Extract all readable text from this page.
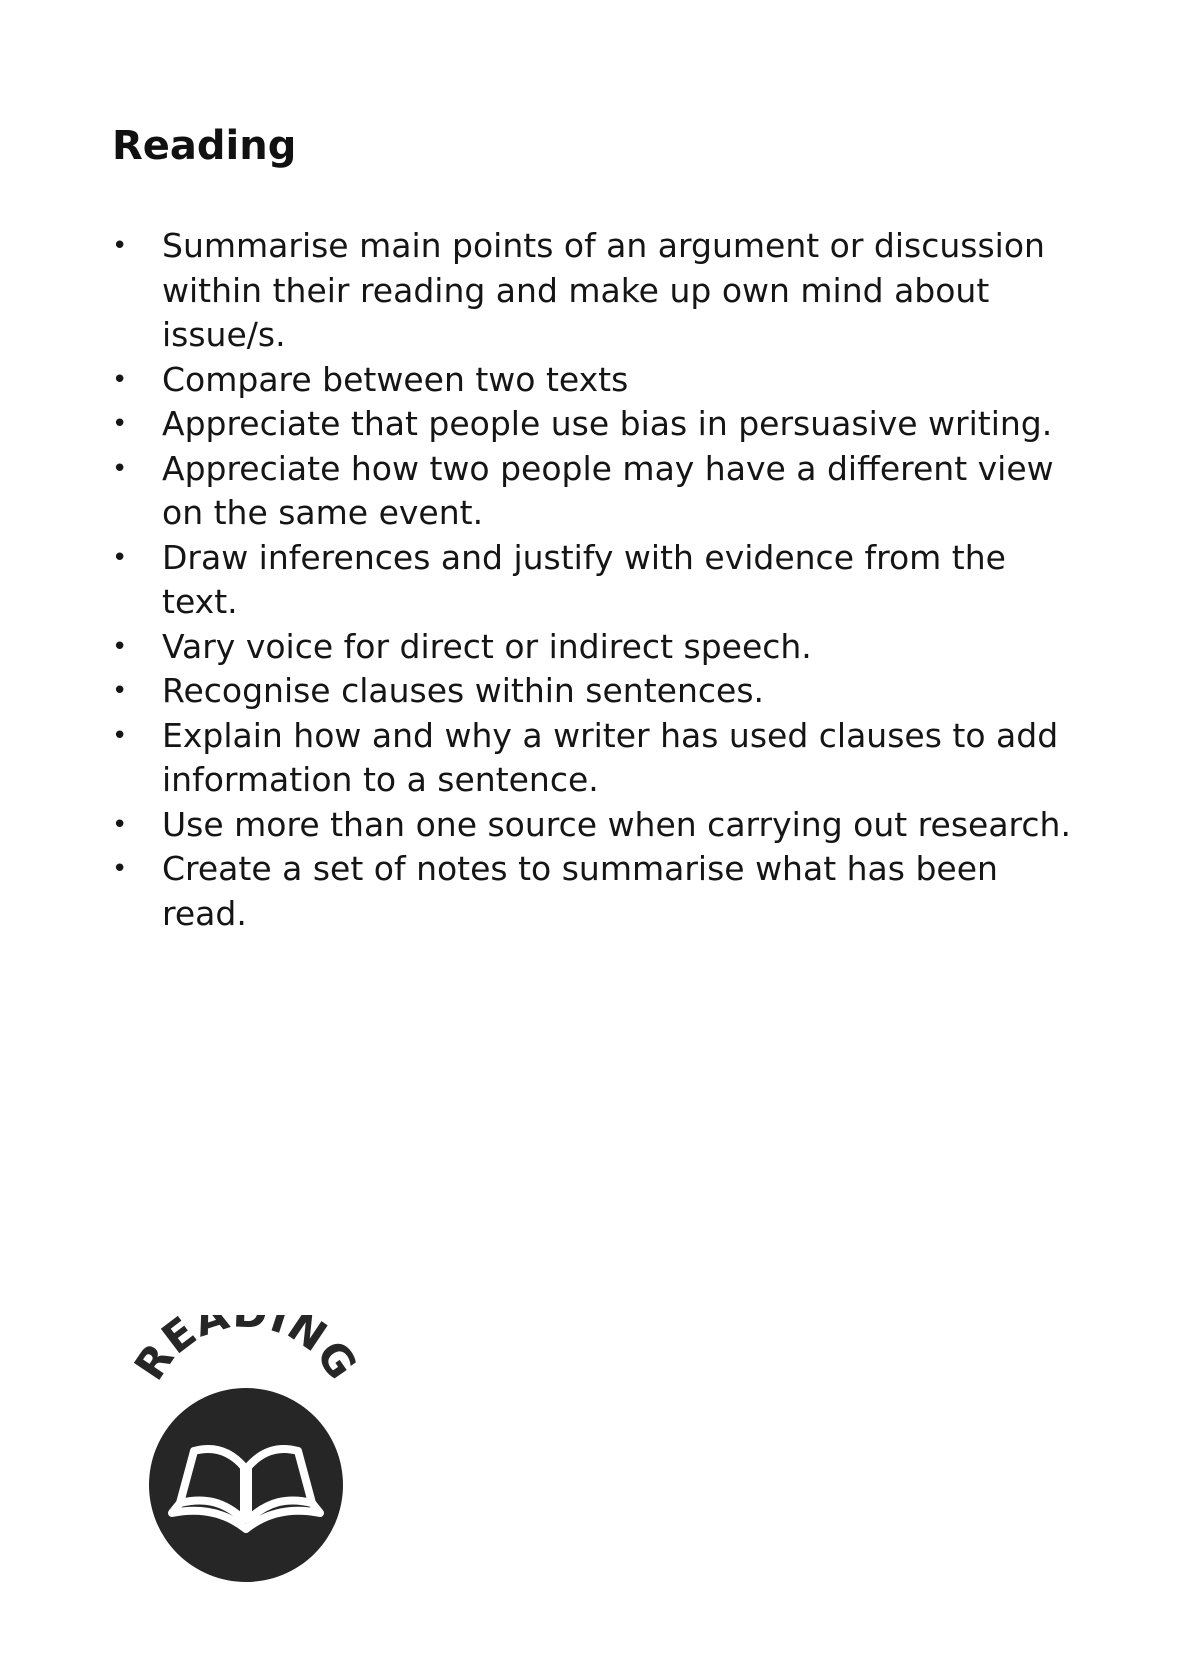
Reading
• Summarise main points of an argument or discussion within their reading and make up own mind about issue/s.
• Compare between two texts
• Appreciate that people use bias in persuasive writing.
• Appreciate how two people may have a different view on the same event.
• Draw inferences and justify with evidence from the text.
• Vary voice for direct or indirect speech.
• Recognise clauses within sentences.
• Explain how and why a writer has used clauses to add information to a sentence.
• Use more than one source when carrying out research.
• Create a set of notes to summarise what has been read.
REA ING
